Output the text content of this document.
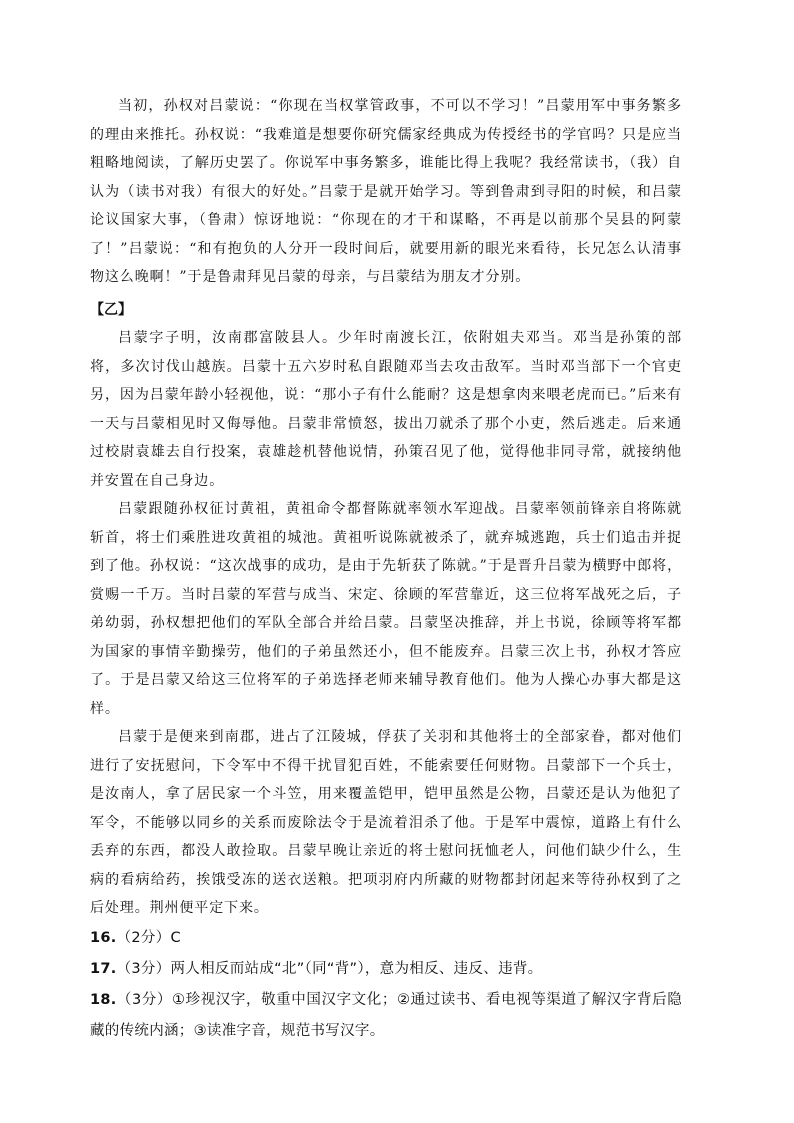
当初，孙权对吕蒙说：“你现在当权掌管政事，不可以不学习！”吕蒙用军中事务繁多的理由来推托。孙权说：“我难道是想要你研究儒家经典成为传授经书的学官吗？只是应当粗略地阅读，了解历史罢了。你说军中事务繁多，谁能比得上我呢？我经常读书，（我）自认为（读书对我）有很大的好处。”吕蒙于是就开始学习。等到鲁肃到寻阳的时候，和吕蒙论议国家大事，（鲁肃）惊讶地说：“你现在的才干和谋略，不再是以前那个吴县的阿蒙了！”吕蒙说：“和有抱负的人分开一段时间后，就要用新的眼光来看待，长兄怎么认清事物这么晚啊！”于是鲁肃拜见吕蒙的母亲，与吕蒙结为朋友才分别。

【乙】

吕蒙字子明，汝南郡富陂县人。少年时南渡长江，依附姐夫邓当。邓当是孙策的部将，多次讨伐山越族。吕蒙十五六岁时私自跟随邓当去攻击敌军。当时邓当部下一个官吏另，因为吕蒙年龄小轻视他，说：“那小子有什么能耐？这是想拿肉来喂老虎而已。”后来有一天与吕蒙相见时又侮辱他。吕蒙非常愤怒，拔出刀就杀了那个小吏，然后逃走。后来通过校尉袁雄去自行投案，袁雄趁机替他说情，孙策召见了他，觉得他非同寻常，就接纳他并安置在自己身边。

吕蒙跟随孙权征讨黄祖，黄祖命令都督陈就率领水军迎战。吕蒙率领前锋亲自将陈就斩首，将士们乘胜进攻黄祖的城池。黄祖听说陈就被杀了，就弃城逃跑，兵士们追击并捉到了他。孙权说：“这次战事的成功，是由于先斩获了陈就。”于是晋升吕蒙为横野中郎将，赏赐一千万。当时吕蒙的军营与成当、宋定、徐顾的军营靠近，这三位将军战死之后，子弟幼弱，孙权想把他们的军队全部合并给吕蒙。吕蒙坚决推辞，并上书说，徐顾等将军都为国家的事情辛勤操劳，他们的子弟虽然还小，但不能废弃。吕蒙三次上书，孙权才答应了。于是吕蒙又给这三位将军的子弟选择老师来辅导教育他们。他为人操心办事大都是这样。

吕蒙于是便来到南郡，进占了江陵城，俘获了关羽和其他将士的全部家眷，都对他们进行了安抚慰问，下令军中不得干扰冒犯百姓，不能索要任何财物。吕蒙部下一个兵士，是汝南人，拿了居民家一个斗笠，用来覆盖铠甲，铠甲虽然是公物，吕蒙还是认为他犯了军令，不能够以同乡的关系而废除法令于是流着泪杀了他。于是军中震惊，道路上有什么丢弃的东西，都没人敢捡取。吕蒙早晚让亲近的将士慰问抚恤老人，问他们缺少什么，生病的看病给药，挨饿受冻的送衣送粮。把项羽府内所藏的财物都封闭起来等待孙权到了之后处理。荆州便平定下来。

16.（2分）C

17.（3分）两人相反而站成“北”（同“背”），意为相反、违反、违背。

18.（3分）①珍视汉字，敬重中国汉字文化；②通过读书、看电视等渠道了解汉字背后隐藏的传统内涵；③读准字音，规范书写汉字。
